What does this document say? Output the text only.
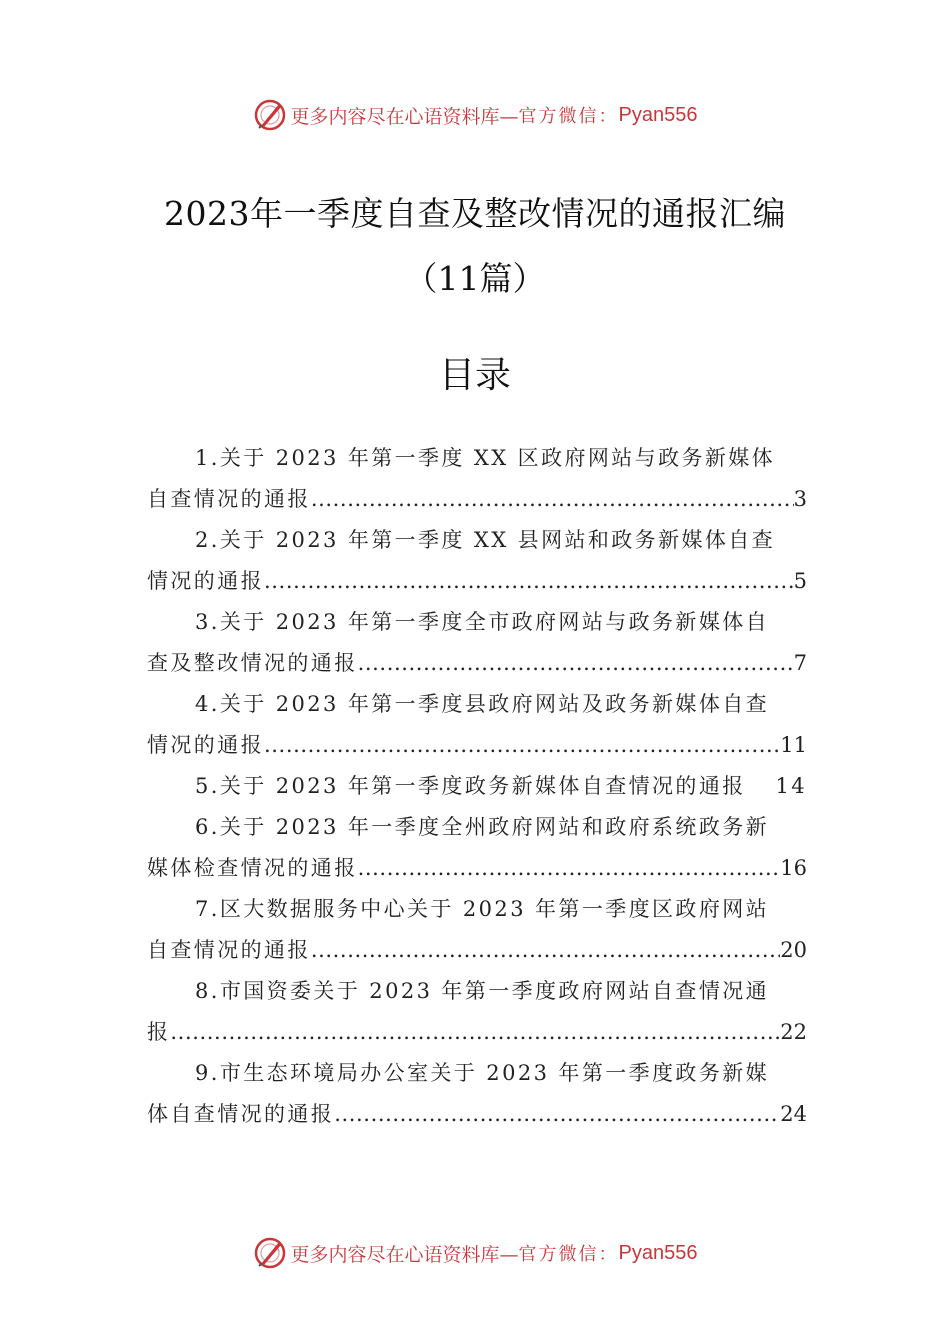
更多内容尽在心语资料库— 官方微信： Pyan556
2023年一季度自查及整改情况的通报汇编
（11篇）
目录
1.关于 2023 年第一季度 XX 区政府网站与政务新媒体
自查情况的通报 .....	3
2.关于 2023 年第一季度 XX 县网站和政务新媒体自查
情况的通报 .....	5
3.关于 2023 年第一季度全市政府网站与政务新媒体自
查及整改情况的通报 .....	7
4.关于 2023 年第一季度县政府网站及政务新媒体自查
情况的通报 .....	11
5.关于 2023 年第一季度政务新媒体自查情况的通报	14
6.关于 2023 年一季度全州政府网站和政府系统政务新
媒体检查情况的通报 .....	16
7.区大数据服务中心关于 2023 年第一季度区政府网站
自查情况的通报 .....	20
8.市国资委关于 2023 年第一季度政府网站自查情况通
报 .....	22
9.市生态环境局办公室关于 2023 年第一季度政务新媒
体自查情况的通报 .....	24
更多内容尽在心语资料库— 官方微信： Pyan556
